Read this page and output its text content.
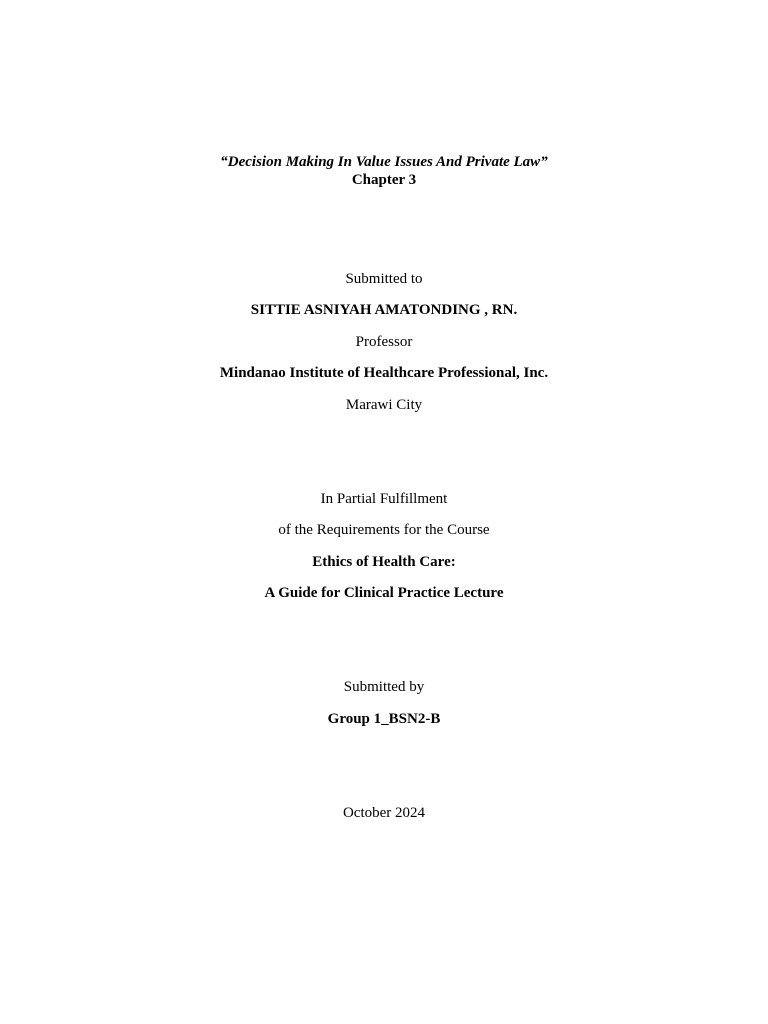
“Decision Making In Value Issues And Private Law”
Chapter 3
Submitted to
SITTIE ASNIYAH AMATONDING , RN.
Professor
Mindanao Institute of Healthcare Professional, Inc.
Marawi City
In Partial Fulfillment
of the Requirements for the Course
Ethics of Health Care:
A Guide for Clinical Practice Lecture
Submitted by
Group 1_BSN2-B
October 2024
